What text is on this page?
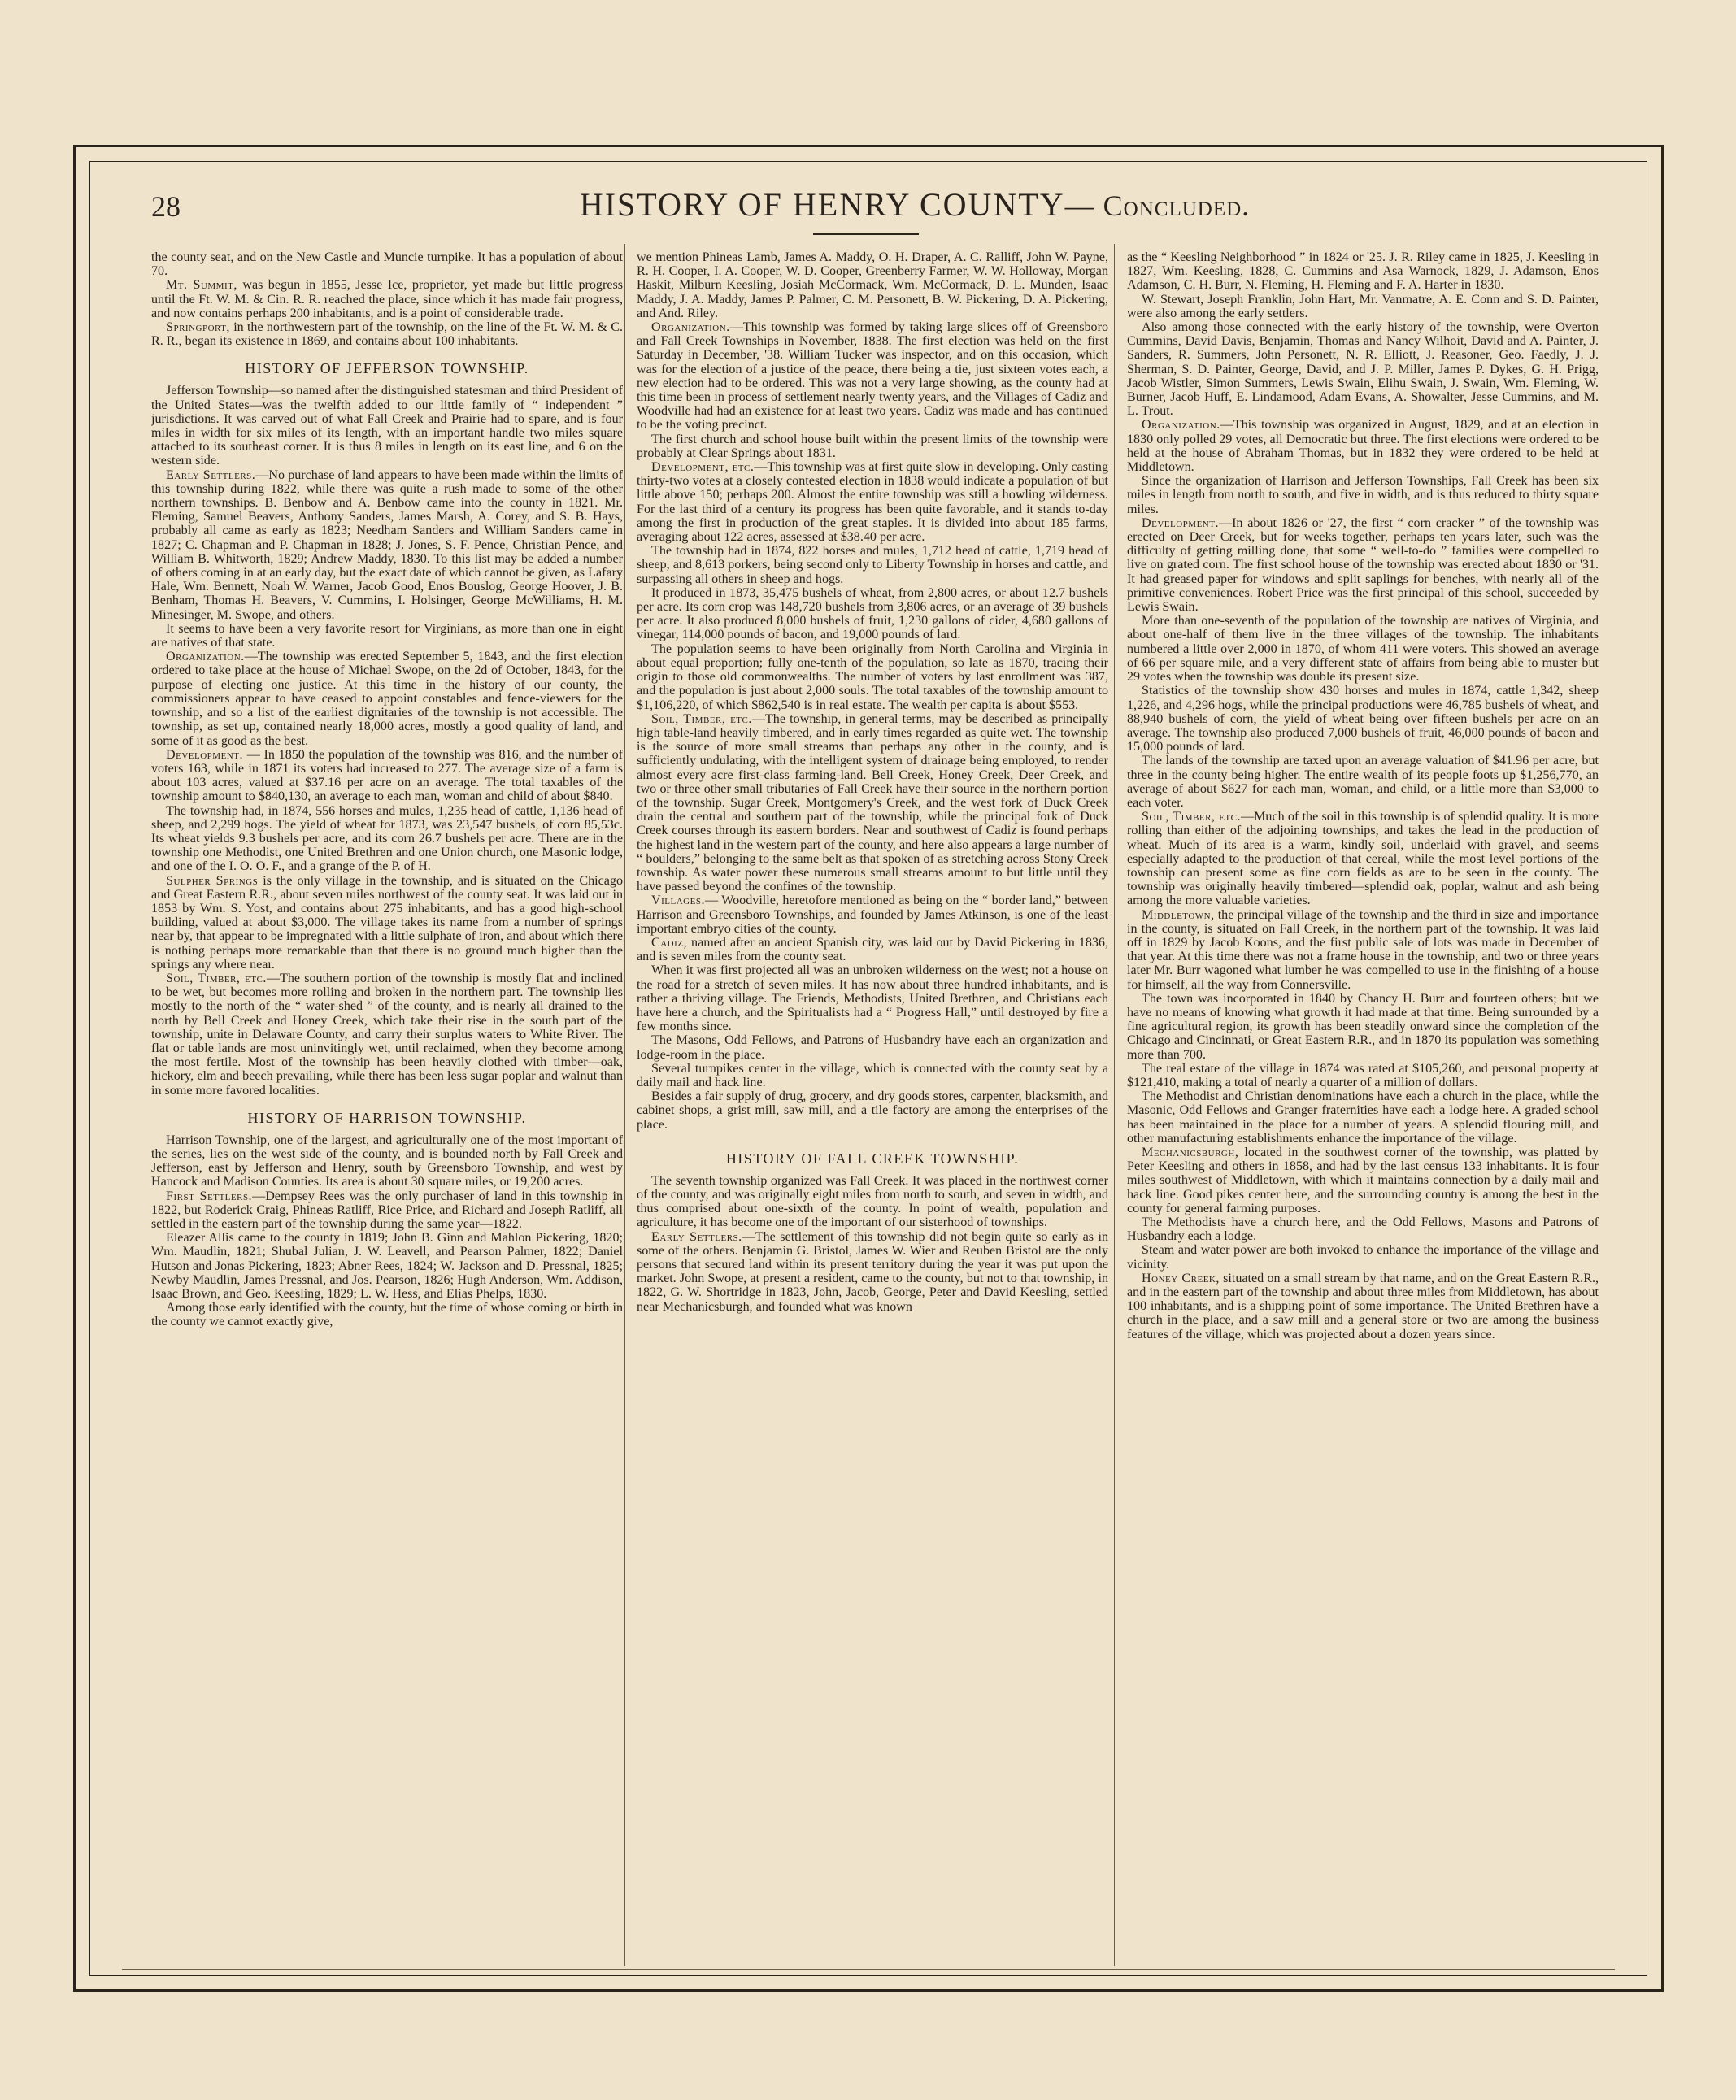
28	HISTORY OF HENRY COUNTY— Concluded.

the county seat, and on the New Castle and Muncie turnpike. It has a population of about 70.

Mt. Summit, was begun in 1855, Jesse Ice, proprietor, yet made but little progress until the Ft. W. M. & Cin. R. R. reached the place, since which it has made fair progress, and now contains perhaps 200 inhabitants, and is a point of considerable trade.

Springport, in the northwestern part of the township, on the line of the Ft. W. M. & C. R. R., began its existence in 1869, and contains about 100 inhabitants.

HISTORY OF JEFFERSON TOWNSHIP.

Jefferson Township—so named after the distinguished statesman and third President of the United States—was the twelfth added to our little family of “ independent ” jurisdictions. It was carved out of what Fall Creek and Prairie had to spare, and is four miles in width for six miles of its length, with an important handle two miles square attached to its southeast corner. It is thus 8 miles in length on its east line, and 6 on the western side.

Early Settlers.—No purchase of land appears to have been made within the limits of this township during 1822, while there was quite a rush made to some of the other northern townships. B. Benbow and A. Benbow came into the county in 1821. Mr. Fleming, Samuel Beavers, Anthony Sanders, James Marsh, A. Corey, and S. B. Hays, probably all came as early as 1823; Needham Sanders and William Sanders came in 1827; C. Chapman and P. Chapman in 1828; J. Jones, S. F. Pence, Christian Pence, and William B. Whitworth, 1829; Andrew Maddy, 1830. To this list may be added a number of others coming in at an early day, but the exact date of which cannot be given, as Lafary Hale, Wm. Bennett, Noah W. Warner, Jacob Good, Enos Bouslog, George Hoover, J. B. Benham, Thomas H. Beavers, V. Cummins, I. Holsinger, George McWilliams, H. M. Minesinger, M. Swope, and others.

It seems to have been a very favorite resort for Virginians, as more than one in eight are natives of that state.

Organization.—The township was erected September 5, 1843, and the first election ordered to take place at the house of Michael Swope, on the 2d of October, 1843, for the purpose of electing one justice. At this time in the history of our county, the commissioners appear to have ceased to appoint constables and fence-viewers for the township, and so a list of the earliest dignitaries of the township is not accessible. The township, as set up, contained nearly 18,000 acres, mostly a good quality of land, and some of it as good as the best.

Development. — In 1850 the population of the township was 816, and the number of voters 163, while in 1871 its voters had increased to 277. The average size of a farm is about 103 acres, valued at $37.16 per acre on an average. The total taxables of the township amount to $840,130, an average to each man, woman and child of about $840.

The township had, in 1874, 556 horses and mules, 1,235 head of cattle, 1,136 head of sheep, and 2,299 hogs. The yield of wheat for 1873, was 23,547 bushels, of corn 85,53c. Its wheat yields 9.3 bushels per acre, and its corn 26.7 bushels per acre. There are in the township one Methodist, one United Brethren and one Union church, one Masonic lodge, and one of the I. O. O. F., and a grange of the P. of H.

Sulpher Springs is the only village in the township, and is situated on the Chicago and Great Eastern R.R., about seven miles northwest of the county seat. It was laid out in 1853 by Wm. S. Yost, and contains about 275 inhabitants, and has a good high-school building, valued at about $3,000. The village takes its name from a number of springs near by, that appear to be impregnated with a little sulphate of iron, and about which there is nothing perhaps more remarkable than that there is no ground much higher than the springs any where near.

Soil, Timber, etc.—The southern portion of the township is mostly flat and inclined to be wet, but becomes more rolling and broken in the northern part. The township lies mostly to the north of the “ water-shed ” of the county, and is nearly all drained to the north by Bell Creek and Honey Creek, which take their rise in the south part of the township, unite in Delaware County, and carry their surplus waters to White River. The flat or table lands are most uninvitingly wet, until reclaimed, when they become among the most fertile. Most of the township has been heavily clothed with timber—oak, hickory, elm and beech prevailing, while there has been less sugar poplar and walnut than in some more favored localities.

HISTORY OF HARRISON TOWNSHIP.

Harrison Township, one of the largest, and agriculturally one of the most important of the series, lies on the west side of the county, and is bounded north by Fall Creek and Jefferson, east by Jefferson and Henry, south by Greensboro Township, and west by Hancock and Madison Counties. Its area is about 30 square miles, or 19,200 acres.

First Settlers.—Dempsey Rees was the only purchaser of land in this township in 1822, but Roderick Craig, Phineas Ratliff, Rice Price, and Richard and Joseph Ratliff, all settled in the eastern part of the township during the same year—1822.

Eleazer Allis came to the county in 1819; John B. Ginn and Mahlon Pickering, 1820; Wm. Maudlin, 1821; Shubal Julian, J. W. Leavell, and Pearson Palmer, 1822; Daniel Hutson and Jonas Pickering, 1823; Abner Rees, 1824; W. Jackson and D. Pressnal, 1825; Newby Maudlin, James Pressnal, and Jos. Pearson, 1826; Hugh Anderson, Wm. Addison, Isaac Brown, and Geo. Keesling, 1829; L. W. Hess, and Elias Phelps, 1830.

Among those early identified with the county, but the time of whose coming or birth in the county we cannot exactly give,

we mention Phineas Lamb, James A. Maddy, O. H. Draper, A. C. Ralliff, John W. Payne, R. H. Cooper, I. A. Cooper, W. D. Cooper, Greenberry Farmer, W. W. Holloway, Morgan Haskit, Milburn Keesling, Josiah McCormack, Wm. McCormack, D. L. Munden, Isaac Maddy, J. A. Maddy, James P. Palmer, C. M. Personett, B. W. Pickering, D. A. Pickering, and And. Riley.

Organization.—This township was formed by taking large slices off of Greensboro and Fall Creek Townships in November, 1838. The first election was held on the first Saturday in December, '38. William Tucker was inspector, and on this occasion, which was for the election of a justice of the peace, there being a tie, just sixteen votes each, a new election had to be ordered. This was not a very large showing, as the county had at this time been in process of settlement nearly twenty years, and the Villages of Cadiz and Woodville had had an existence for at least two years. Cadiz was made and has continued to be the voting precinct.

The first church and school house built within the present limits of the township were probably at Clear Springs about 1831.

Development, etc.—This township was at first quite slow in developing. Only casting thirty-two votes at a closely contested election in 1838 would indicate a population of but little above 150; perhaps 200. Almost the entire township was still a howling wilderness. For the last third of a century its progress has been quite favorable, and it stands to-day among the first in production of the great staples. It is divided into about 185 farms, averaging about 122 acres, assessed at $38.40 per acre.

The township had in 1874, 822 horses and mules, 1,712 head of cattle, 1,719 head of sheep, and 8,613 porkers, being second only to Liberty Township in horses and cattle, and surpassing all others in sheep and hogs.

It produced in 1873, 35,475 bushels of wheat, from 2,800 acres, or about 12.7 bushels per acre. Its corn crop was 148,720 bushels from 3,806 acres, or an average of 39 bushels per acre. It also produced 8,000 bushels of fruit, 1,230 gallons of cider, 4,680 gallons of vinegar, 114,000 pounds of bacon, and 19,000 pounds of lard.

The population seems to have been originally from North Carolina and Virginia in about equal proportion; fully one-tenth of the population, so late as 1870, tracing their origin to those old commonwealths. The number of voters by last enrollment was 387, and the population is just about 2,000 souls. The total taxables of the township amount to $1,106,220, of which $862,540 is in real estate. The wealth per capita is about $553.

Soil, Timber, etc.—The township, in general terms, may be described as principally high table-land heavily timbered, and in early times regarded as quite wet. The township is the source of more small streams than perhaps any other in the county, and is sufficiently undulating, with the intelligent system of drainage being employed, to render almost every acre first-class farming-land. Bell Creek, Honey Creek, Deer Creek, and two or three other small tributaries of Fall Creek have their source in the northern portion of the township. Sugar Creek, Montgomery's Creek, and the west fork of Duck Creek drain the central and southern part of the township, while the principal fork of Duck Creek courses through its eastern borders. Near and southwest of Cadiz is found perhaps the highest land in the western part of the county, and here also appears a large number of “ boulders,” belonging to the same belt as that spoken of as stretching across Stony Creek township. As water power these numerous small streams amount to but little until they have passed beyond the confines of the township.

Villages.— Woodville, heretofore mentioned as being on the “ border land,” between Harrison and Greensboro Townships, and founded by James Atkinson, is one of the least important embryo cities of the county.

Cadiz, named after an ancient Spanish city, was laid out by David Pickering in 1836, and is seven miles from the county seat.

When it was first projected all was an unbroken wilderness on the west; not a house on the road for a stretch of seven miles. It has now about three hundred inhabitants, and is rather a thriving village. The Friends, Methodists, United Brethren, and Christians each have here a church, and the Spiritualists had a “ Progress Hall,” until destroyed by fire a few months since.

The Masons, Odd Fellows, and Patrons of Husbandry have each an organization and lodge-room in the place.

Several turnpikes center in the village, which is connected with the county seat by a daily mail and hack line.

Besides a fair supply of drug, grocery, and dry goods stores, carpenter, blacksmith, and cabinet shops, a grist mill, saw mill, and a tile factory are among the enterprises of the place.

HISTORY OF FALL CREEK TOWNSHIP.

The seventh township organized was Fall Creek. It was placed in the northwest corner of the county, and was originally eight miles from north to south, and seven in width, and thus comprised about one-sixth of the county. In point of wealth, population and agriculture, it has become one of the important of our sisterhood of townships.

Early Settlers.—The settlement of this township did not begin quite so early as in some of the others. Benjamin G. Bristol, James W. Wier and Reuben Bristol are the only persons that secured land within its present territory during the year it was put upon the market. John Swope, at present a resident, came to the county, but not to that township, in 1822, G. W. Shortridge in 1823, John, Jacob, George, Peter and David Keesling, settled near Mechanicsburgh, and founded what was known

as the “ Keesling Neighborhood ” in 1824 or '25. J. R. Riley came in 1825, J. Keesling in 1827, Wm. Keesling, 1828, C. Cummins and Asa Warnock, 1829, J. Adamson, Enos Adamson, C. H. Burr, N. Fleming, H. Fleming and F. A. Harter in 1830.

W. Stewart, Joseph Franklin, John Hart, Mr. Vanmatre, A. E. Conn and S. D. Painter, were also among the early settlers.

Also among those connected with the early history of the township, were Overton Cummins, David Davis, Benjamin, Thomas and Nancy Wilhoit, David and A. Painter, J. Sanders, R. Summers, John Personett, N. R. Elliott, J. Reasoner, Geo. Faedly, J. J. Sherman, S. D. Painter, George, David, and J. P. Miller, James P. Dykes, G. H. Prigg, Jacob Wistler, Simon Summers, Lewis Swain, Elihu Swain, J. Swain, Wm. Fleming, W. Burner, Jacob Huff, E. Lindamood, Adam Evans, A. Showalter, Jesse Cummins, and M. L. Trout.

Organization.—This township was organized in August, 1829, and at an election in 1830 only polled 29 votes, all Democratic but three. The first elections were ordered to be held at the house of Abraham Thomas, but in 1832 they were ordered to be held at Middletown.

Since the organization of Harrison and Jefferson Townships, Fall Creek has been six miles in length from north to south, and five in width, and is thus reduced to thirty square miles.

Development.—In about 1826 or '27, the first “ corn cracker ” of the township was erected on Deer Creek, but for weeks together, perhaps ten years later, such was the difficulty of getting milling done, that some “ well-to-do ” families were compelled to live on grated corn. The first school house of the township was erected about 1830 or '31. It had greased paper for windows and split saplings for benches, with nearly all of the primitive conveniences. Robert Price was the first principal of this school, succeeded by Lewis Swain.

More than one-seventh of the population of the township are natives of Virginia, and about one-half of them live in the three villages of the township. The inhabitants numbered a little over 2,000 in 1870, of whom 411 were voters. This showed an average of 66 per square mile, and a very different state of affairs from being able to muster but 29 votes when the township was double its present size.

Statistics of the township show 430 horses and mules in 1874, cattle 1,342, sheep 1,226, and 4,296 hogs, while the principal productions were 46,785 bushels of wheat, and 88,940 bushels of corn, the yield of wheat being over fifteen bushels per acre on an average. The township also produced 7,000 bushels of fruit, 46,000 pounds of bacon and 15,000 pounds of lard.

The lands of the township are taxed upon an average valuation of $41.96 per acre, but three in the county being higher. The entire wealth of its people foots up $1,256,770, an average of about $627 for each man, woman, and child, or a little more than $3,000 to each voter.

Soil, Timber, etc.—Much of the soil in this township is of splendid quality. It is more rolling than either of the adjoining townships, and takes the lead in the production of wheat. Much of its area is a warm, kindly soil, underlaid with gravel, and seems especially adapted to the production of that cereal, while the most level portions of the township can present some as fine corn fields as are to be seen in the county. The township was originally heavily timbered—splendid oak, poplar, walnut and ash being among the more valuable varieties.

Middletown, the principal village of the township and the third in size and importance in the county, is situated on Fall Creek, in the northern part of the township. It was laid off in 1829 by Jacob Koons, and the first public sale of lots was made in December of that year. At this time there was not a frame house in the township, and two or three years later Mr. Burr wagoned what lumber he was compelled to use in the finishing of a house for himself, all the way from Connersville.

The town was incorporated in 1840 by Chancy H. Burr and fourteen others; but we have no means of knowing what growth it had made at that time. Being surrounded by a fine agricultural region, its growth has been steadily onward since the completion of the Chicago and Cincinnati, or Great Eastern R.R., and in 1870 its population was something more than 700.

The real estate of the village in 1874 was rated at $105,260, and personal property at $121,410, making a total of nearly a quarter of a million of dollars.

The Methodist and Christian denominations have each a church in the place, while the Masonic, Odd Fellows and Granger fraternities have each a lodge here. A graded school has been maintained in the place for a number of years. A splendid flouring mill, and other manufacturing establishments enhance the importance of the village.

Mechanicsburgh, located in the southwest corner of the township, was platted by Peter Keesling and others in 1858, and had by the last census 133 inhabitants. It is four miles southwest of Middletown, with which it maintains connection by a daily mail and hack line. Good pikes center here, and the surrounding country is among the best in the county for general farming purposes.

The Methodists have a church here, and the Odd Fellows, Masons and Patrons of Husbandry each a lodge.

Steam and water power are both invoked to enhance the importance of the village and vicinity.

Honey Creek, situated on a small stream by that name, and on the Great Eastern R.R., and in the eastern part of the township and about three miles from Middletown, has about 100 inhabitants, and is a shipping point of some importance. The United Brethren have a church in the place, and a saw mill and a general store or two are among the business features of the village, which was projected about a dozen years since.
